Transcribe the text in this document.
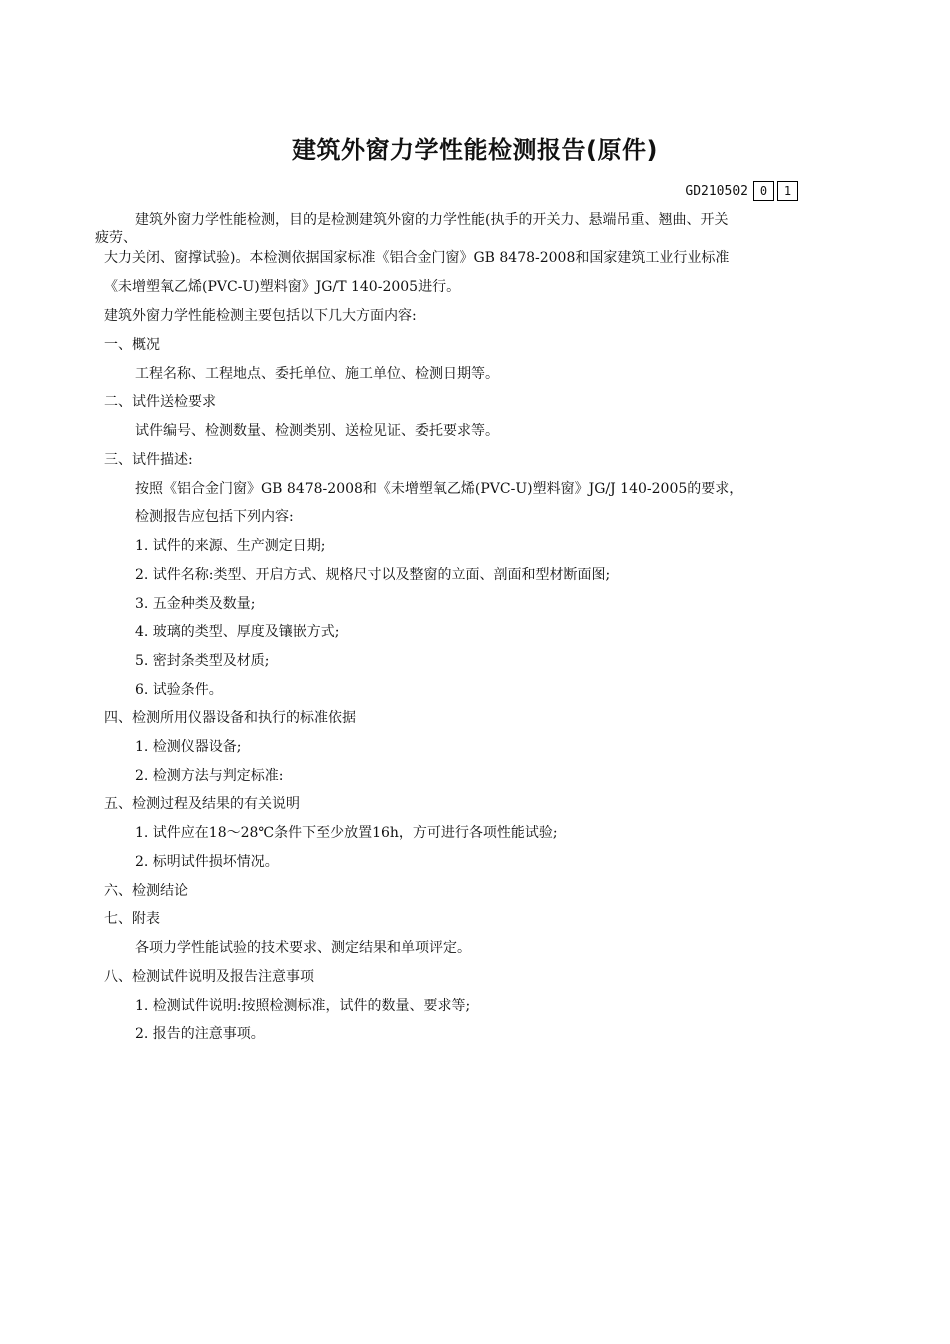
建筑外窗力学性能检测报告(原件)
GD210502 0	1
建筑外窗力学性能检测，目的是检测建筑外窗的力学性能(执手的开关力、悬端吊重、翘曲、开关
疲劳、
大力关闭、窗撑试验)。本检测依据国家标准《铝合金门窗》GB 8478-2008和国家建筑工业行业标准
《未增塑氧乙烯(PVC-U)塑料窗》JG/T 140-2005进行。
建筑外窗力学性能检测主要包括以下几大方面内容:
一、概况
工程名称、工程地点、委托单位、施工单位、检测日期等。
二、试件送检要求
试件编号、检测数量、检测类别、送检见证、委托要求等。
三、试件描述:
按照《铝合金门窗》GB 8478-2008和《未增塑氧乙烯(PVC-U)塑料窗》JG/J 140-2005的要求，
检测报告应包括下列内容:
1. 试件的来源、生产测定日期;
2. 试件名称:类型、开启方式、规格尺寸以及整窗的立面、剖面和型材断面图;
3. 五金种类及数量;
4. 玻璃的类型、厚度及镶嵌方式;
5. 密封条类型及材质;
6. 试验条件。
四、检测所用仪器设备和执行的标准依据
1. 检测仪器设备;
2. 检测方法与判定标准:
五、检测过程及结果的有关说明
1. 试件应在18～28℃条件下至少放置16h，方可进行各项性能试验;
2. 标明试件损坏情况。
六、检测结论
七、附表
各项力学性能试验的技术要求、测定结果和单项评定。
八、检测试件说明及报告注意事项
1. 检测试件说明:按照检测标准，试件的数量、要求等;
2. 报告的注意事项。
